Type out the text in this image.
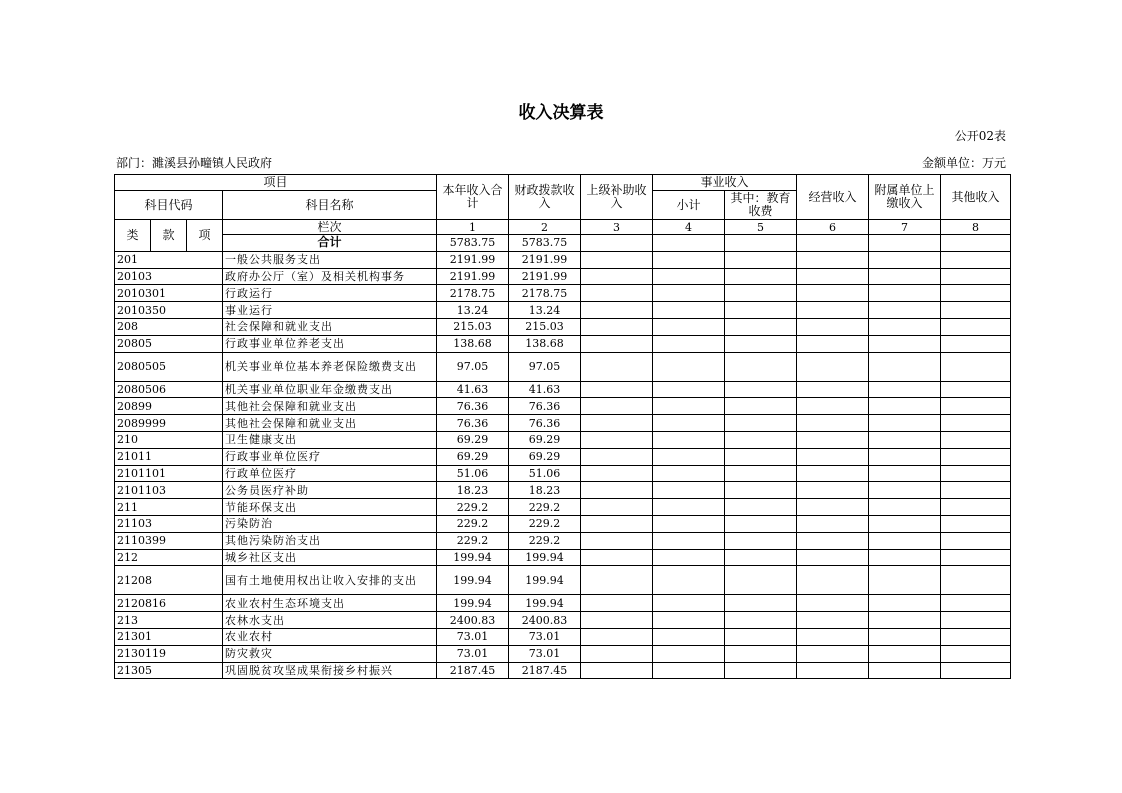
收入决算表
公开02表
部门：濉溪县孙疃镇人民政府	金额单位：万元
项目				本年收入合计	财政拨款收入	上级补助收入	事业收入		经营收入	附属单位上缴收入	其他收入
科目代码			科目名称				小计	其中：教育收费			

类	款	项	栏次	1	2	3	4	5	6	7	8
			合计	5783.75	5783.75						
201			一般公共服务支出	2191.99	2191.99						
20103			政府办公厅（室）及相关机构事务	2191.99	2191.99						
2010301			行政运行	2178.75	2178.75						
2010350			事业运行	13.24	13.24						
208			社会保障和就业支出	215.03	215.03						
20805			行政事业单位养老支出	138.68	138.68						
2080505			机关事业单位基本养老保险缴费支出	97.05	97.05						
2080506			机关事业单位职业年金缴费支出	41.63	41.63						
20899			其他社会保障和就业支出	76.36	76.36						
2089999			其他社会保障和就业支出	76.36	76.36						
210			卫生健康支出	69.29	69.29						
21011			行政事业单位医疗	69.29	69.29						
2101101			行政单位医疗	51.06	51.06						
2101103			公务员医疗补助	18.23	18.23						
211			节能环保支出	229.2	229.2						
21103			污染防治	229.2	229.2						
2110399			其他污染防治支出	229.2	229.2						
212			城乡社区支出	199.94	199.94						
21208			国有土地使用权出让收入安排的支出	199.94	199.94						
2120816			农业农村生态环境支出	199.94	199.94						
213			农林水支出	2400.83	2400.83						
21301			农业农村	73.01	73.01						
2130119			防灾救灾	73.01	73.01						
21305			巩固脱贫攻坚成果衔接乡村振兴	2187.45	2187.45						
